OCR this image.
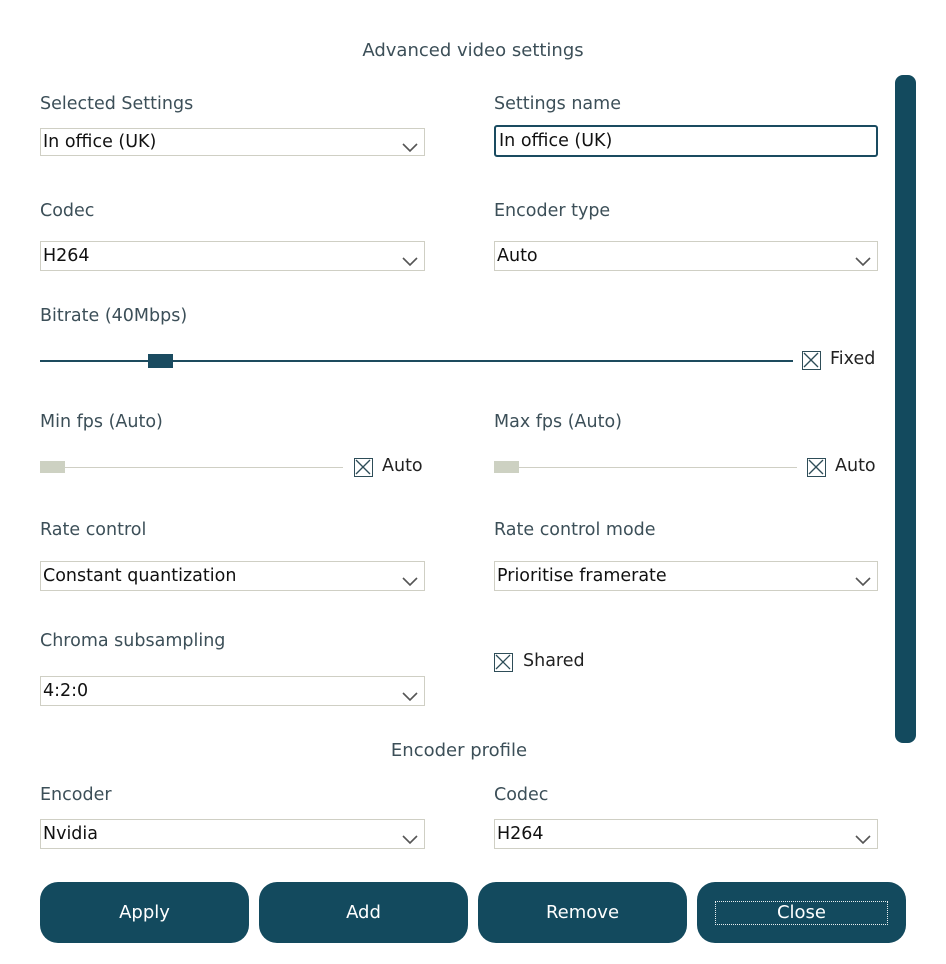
Advanced video settings
Selected Settings
In office (UK)
Settings name
In office (UK)
Codec
H264
Encoder type
Auto
Bitrate (40Mbps)
Fixed
Min fps (Auto)
Auto
Max fps (Auto)
Auto
Rate control
Constant quantization
Rate control mode
Prioritise framerate
Chroma subsampling
4:2:0
Shared
Encoder profile
Encoder
Nvidia
Codec
H264
Apply	Add	Remove	Close
